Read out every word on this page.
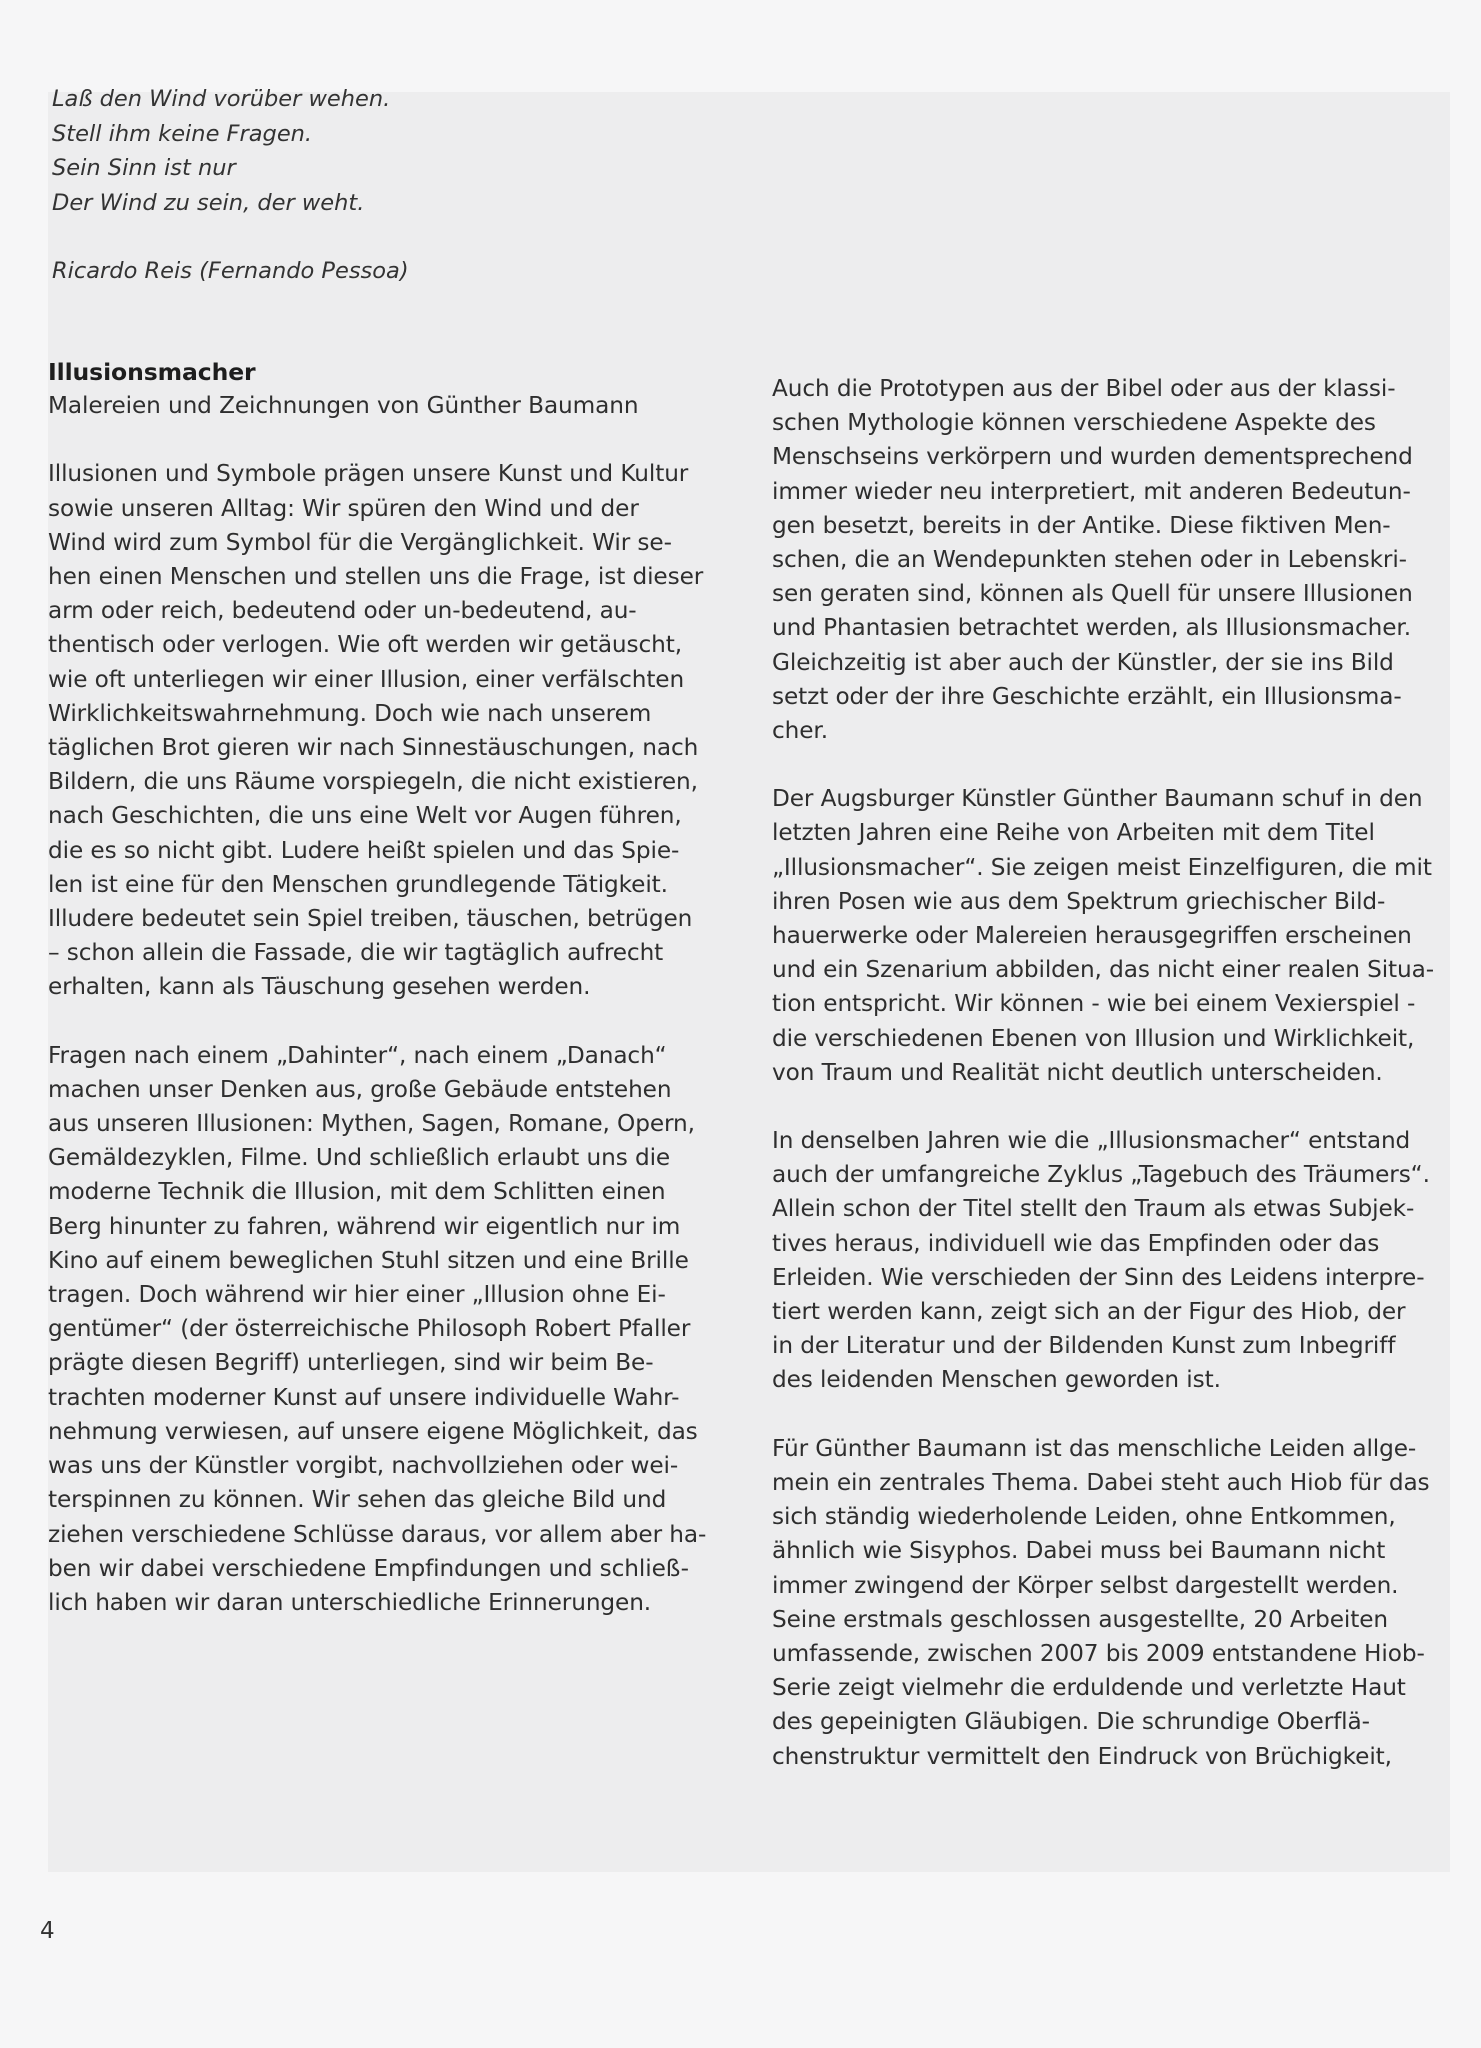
Laß den Wind vorüber wehen.
Stell ihm keine Fragen.
Sein Sinn ist nur
Der Wind zu sein, der weht.
Ricardo Reis (Fernando Pessoa)
Illusionsmacher
Malereien und Zeichnungen von Günther Baumann
Illusionen und Symbole prägen unsere Kunst und Kultur
sowie unseren Alltag: Wir spüren den Wind und der
Wind wird zum Symbol für die Vergänglichkeit. Wir se-
hen einen Menschen und stellen uns die Frage, ist dieser
arm oder reich, bedeutend oder un-bedeutend, au-
thentisch oder verlogen. Wie oft werden wir getäuscht,
wie oft unterliegen wir einer Illusion, einer verfälschten
Wirklichkeitswahrnehmung. Doch wie nach unserem
täglichen Brot gieren wir nach Sinnestäuschungen, nach
Bildern, die uns Räume vorspiegeln, die nicht existieren,
nach Geschichten, die uns eine Welt vor Augen führen,
die es so nicht gibt. Ludere heißt spielen und das Spie-
len ist eine für den Menschen grundlegende Tätigkeit.
Illudere bedeutet sein Spiel treiben, täuschen, betrügen
– schon allein die Fassade, die wir tagtäglich aufrecht
erhalten, kann als Täuschung gesehen werden.
Fragen nach einem „Dahinter“, nach einem „Danach“
machen unser Denken aus, große Gebäude entstehen
aus unseren Illusionen: Mythen, Sagen, Romane, Opern,
Gemäldezyklen, Filme. Und schließlich erlaubt uns die
moderne Technik die Illusion, mit dem Schlitten einen
Berg hinunter zu fahren, während wir eigentlich nur im
Kino auf einem beweglichen Stuhl sitzen und eine Brille
tragen. Doch während wir hier einer „Illusion ohne Ei-
gentümer“ (der österreichische Philosoph Robert Pfaller
prägte diesen Begriff) unterliegen, sind wir beim Be-
trachten moderner Kunst auf unsere individuelle Wahr-
nehmung verwiesen, auf unsere eigene Möglichkeit, das
was uns der Künstler vorgibt, nachvollziehen oder wei-
terspinnen zu können. Wir sehen das gleiche Bild und
ziehen verschiedene Schlüsse daraus, vor allem aber ha-
ben wir dabei verschiedene Empfindungen und schließ-
lich haben wir daran unterschiedliche Erinnerungen.
Auch die Prototypen aus der Bibel oder aus der klassi-
schen Mythologie können verschiedene Aspekte des
Menschseins verkörpern und wurden dementsprechend
immer wieder neu interpretiert, mit anderen Bedeutun-
gen besetzt, bereits in der Antike. Diese fiktiven Men-
schen, die an Wendepunkten stehen oder in Lebenskri-
sen geraten sind, können als Quell für unsere Illusionen
und Phantasien betrachtet werden, als Illusionsmacher.
Gleichzeitig ist aber auch der Künstler, der sie ins Bild
setzt oder der ihre Geschichte erzählt, ein Illusionsma-
cher.
Der Augsburger Künstler Günther Baumann schuf in den
letzten Jahren eine Reihe von Arbeiten mit dem Titel
„Illusionsmacher“. Sie zeigen meist Einzelfiguren, die mit
ihren Posen wie aus dem Spektrum griechischer Bild-
hauerwerke oder Malereien herausgegriffen erscheinen
und ein Szenarium abbilden, das nicht einer realen Situa-
tion entspricht. Wir können - wie bei einem Vexierspiel -
die verschiedenen Ebenen von Illusion und Wirklichkeit,
von Traum und Realität nicht deutlich unterscheiden.
In denselben Jahren wie die „Illusionsmacher“ entstand
auch der umfangreiche Zyklus „Tagebuch des Träumers“.
Allein schon der Titel stellt den Traum als etwas Subjek-
tives heraus, individuell wie das Empfinden oder das
Erleiden. Wie verschieden der Sinn des Leidens interpre-
tiert werden kann, zeigt sich an der Figur des Hiob, der
in der Literatur und der Bildenden Kunst zum Inbegriff
des leidenden Menschen geworden ist.
Für Günther Baumann ist das menschliche Leiden allge-
mein ein zentrales Thema. Dabei steht auch Hiob für das
sich ständig wiederholende Leiden, ohne Entkommen,
ähnlich wie Sisyphos. Dabei muss bei Baumann nicht
immer zwingend der Körper selbst dargestellt werden.
Seine erstmals geschlossen ausgestellte, 20 Arbeiten
umfassende, zwischen 2007 bis 2009 entstandene Hiob-
Serie zeigt vielmehr die erduldende und verletzte Haut
des gepeinigten Gläubigen. Die schrundige Oberflä-
chenstruktur vermittelt den Eindruck von Brüchigkeit,
4
